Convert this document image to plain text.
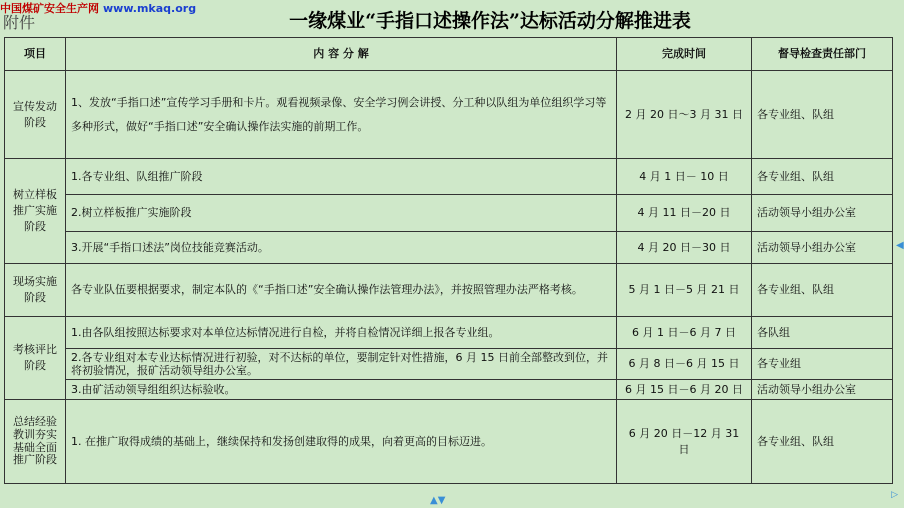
中国煤矿安全生产网 www.mkaq.org
附件	一缘煤业“手指口述操作法”达标活动分解推进表
项目	内 容 分 解	完成时间	督导检查责任部门
宣传发动阶段	1、发放“手指口述”宣传学习手册和卡片。观看视频录像、安全学习例会讲授、分工种以队组为单位组织学习等多种形式，做好“手指口述”安全确认操作法实施的前期工作。	2 月 20 日～3 月 31 日	各专业组、队组
树立样板推广实施阶段	1.各专业组、队组推广阶段	4 月 1 日－ 10 日	各专业组、队组
	2.树立样板推广实施阶段	4 月 11 日－20 日	活动领导小组办公室
	3.开展“手指口述法”岗位技能竞赛活动。	4 月 20 日－30 日	活动领导小组办公室
现场实施阶段	各专业队伍要根据要求，制定本队的《“手指口述”安全确认操作法管理办法》，并按照管理办法严格考核。	5 月 1 日－5 月 21 日	各专业组、队组
考核评比阶段	1.由各队组按照达标要求对本单位达标情况进行自检，并将自检情况详细上报各专业组。	6 月 1 日－6 月 7 日	各队组
	2.各专业组对本专业达标情况进行初验，对不达标的单位，要制定针对性措施，6 月 15 日前全部整改到位，并将初验情况，报矿活动领导组办公室。	6 月 8 日－6 月 15 日	各专业组
	3.由矿活动领导组组织达标验收。	6 月 15 日－6 月 20 日	活动领导小组办公室
总结经验教训夯实基础全面推广阶段	1. 在推广取得成绩的基础上，继续保持和发扬创建取得的成果，向着更高的目标迈进。	6 月 20 日－12 月 31 日	各专业组、队组
◀
▲▼	▷
